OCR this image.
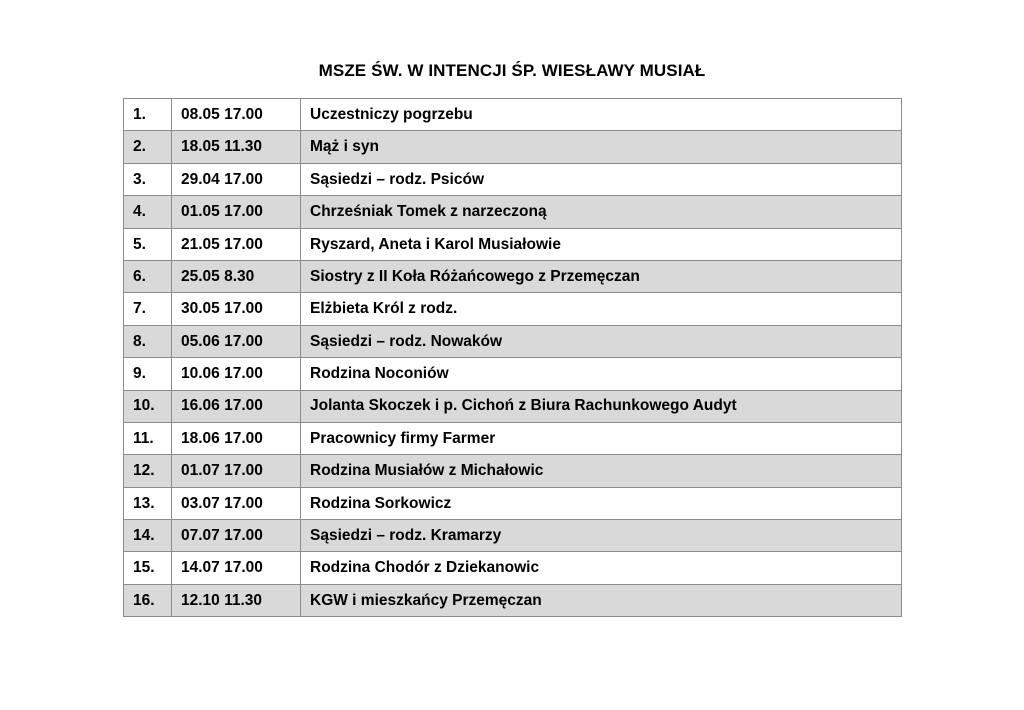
MSZE ŚW. W INTENCJI ŚP. WIESŁAWY MUSIAŁ
1.	08.05 17.00	Uczestniczy pogrzebu
2.	18.05 11.30	Mąż i syn
3.	29.04 17.00	Sąsiedzi – rodz. Psiców
4.	01.05 17.00	Chrześniak Tomek z narzeczoną
5.	21.05 17.00	Ryszard, Aneta i Karol Musiałowie
6.	25.05 8.30	Siostry z II Koła Różańcowego z Przemęczan
7.	30.05 17.00	Elżbieta Król z rodz.
8.	05.06 17.00	Sąsiedzi – rodz. Nowaków
9.	10.06 17.00	Rodzina Noconiów
10.	16.06 17.00	Jolanta Skoczek i p. Cichoń z Biura Rachunkowego Audyt
11.	18.06 17.00	Pracownicy firmy Farmer
12.	01.07 17.00	Rodzina Musiałów z Michałowic
13.	03.07 17.00	Rodzina Sorkowicz
14.	07.07 17.00	Sąsiedzi – rodz. Kramarzy
15.	14.07 17.00	Rodzina Chodór z Dziekanowic
16.	12.10 11.30	KGW i mieszkańcy Przemęczan
